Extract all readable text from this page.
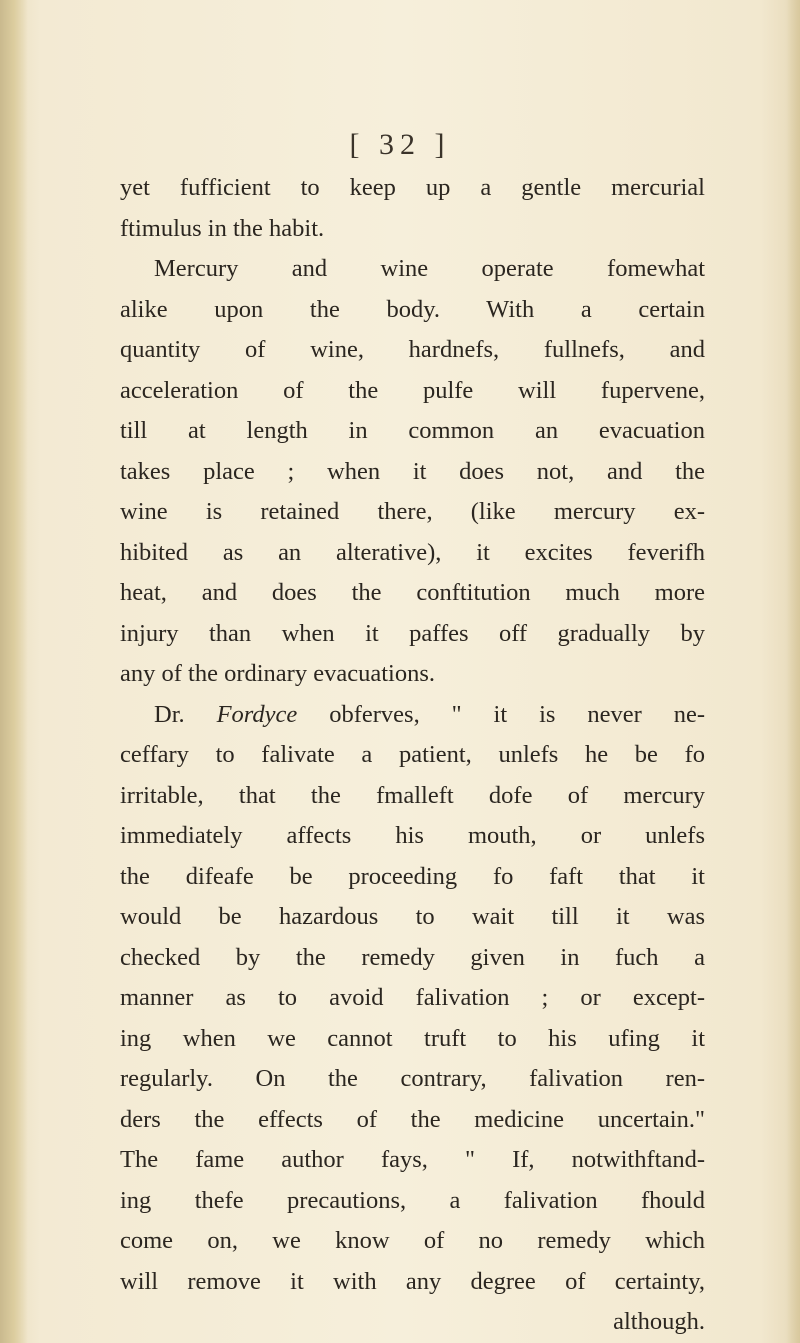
[ 32 ]
yet fufficient to keep up a gentle mercurial
ftimulus in the habit.
Mercury and wine operate fomewhat
alike upon the body. With a certain
quantity of wine, hardnefs, fullnefs, and
acceleration of the pulfe will fupervene,
till at length in common an evacuation
takes place ; when it does not, and the
wine is retained there, (like mercury ex-
hibited as an alterative), it excites feverifh
heat, and does the conftitution much more
injury than when it paffes off gradually by
any of the ordinary evacuations.
Dr. Fordyce obferves, " it is never ne-
ceffary to falivate a patient, unlefs he be fo
irritable, that the fmalleft dofe of mercury
immediately affects his mouth, or unlefs
the difeafe be proceeding fo faft that it
would be hazardous to wait till it was
checked by the remedy given in fuch a
manner as to avoid falivation ; or except-
ing when we cannot truft to his ufing it
regularly. On the contrary, falivation ren-
ders the effects of the medicine uncertain."
The fame author fays, " If, notwithftand-
ing thefe precautions, a falivation fhould
come on, we know of no remedy which
will remove it with any degree of certainty,
although.
